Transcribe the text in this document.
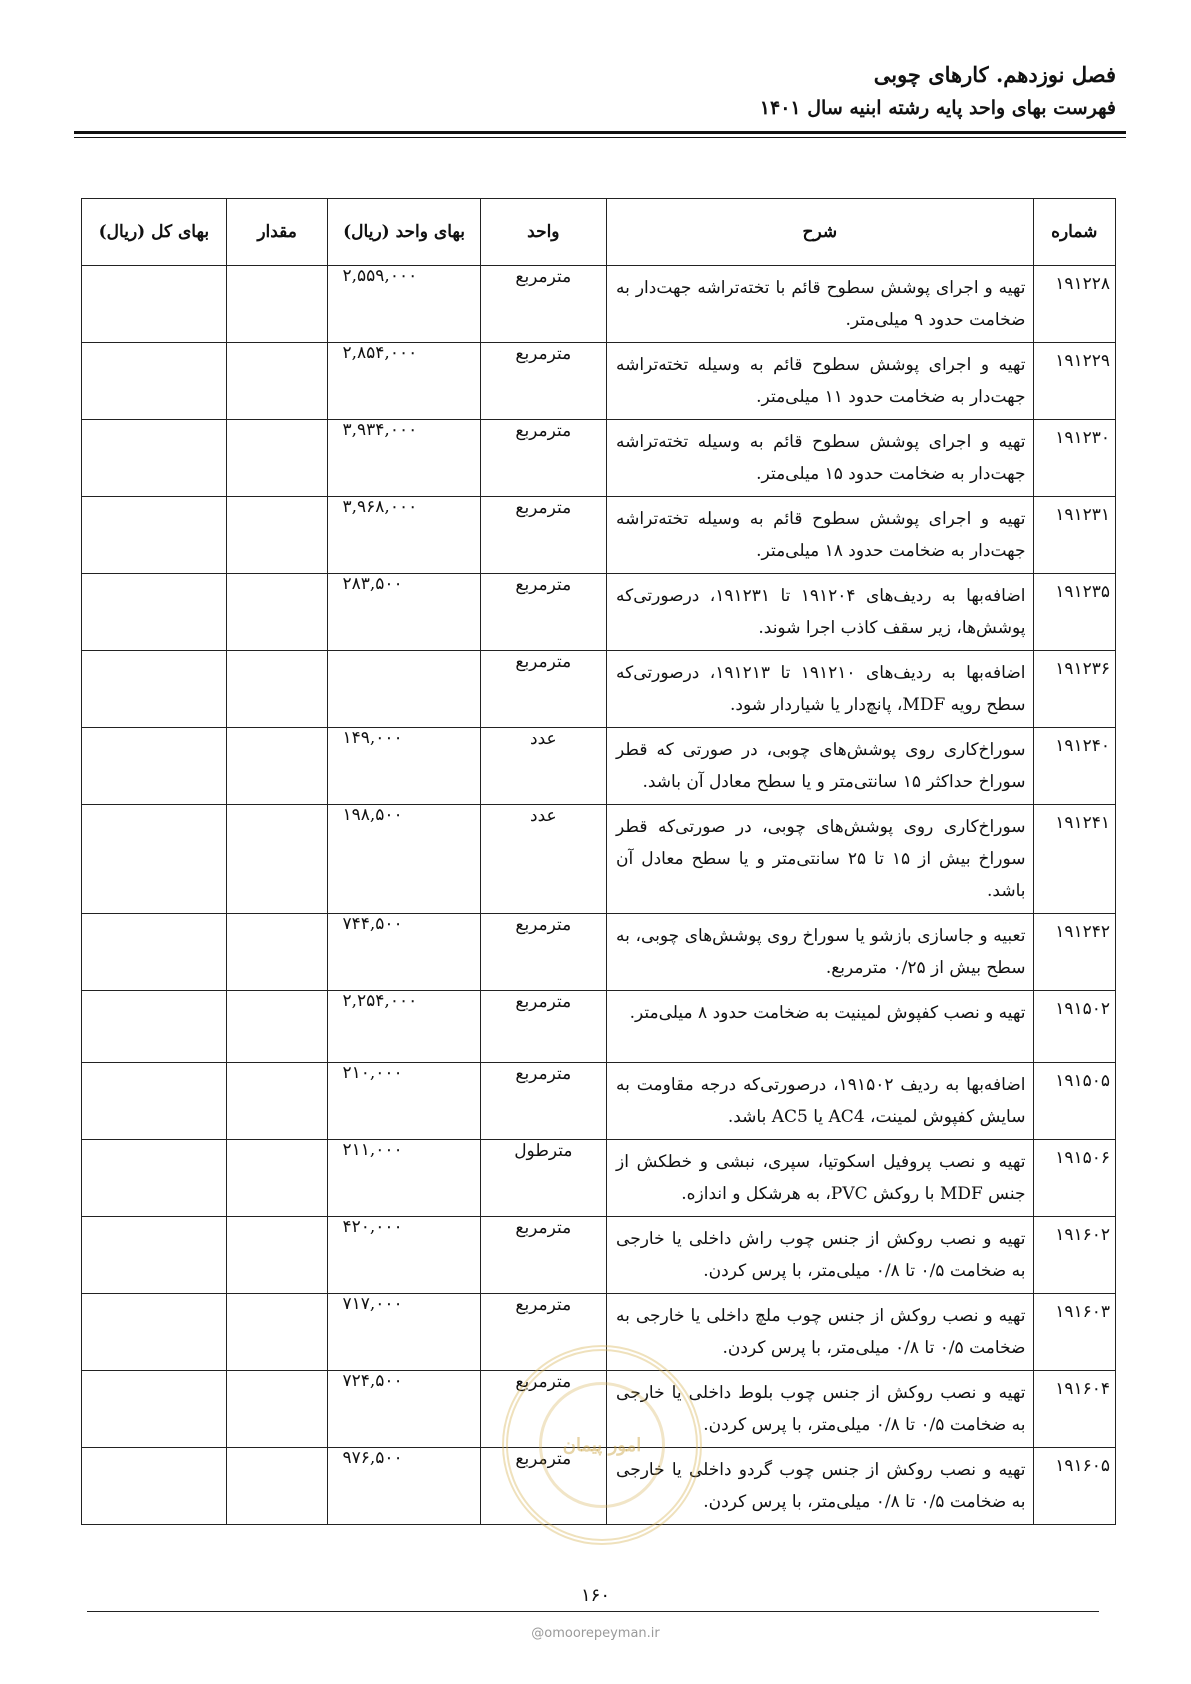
فصل نوزدهم. کارهای چوبی
فهرست بهای واحد پایه رشته ابنیه سال ۱۴۰۱
شماره	شرح	واحد	بهای واحد (ریال)	مقدار	بهای کل (ریال)
۱۹۱۲۲۸	تهیه و اجرای پوشش سطوح قائم با تخته‌تراشه جهت‌دار به ضخامت حدود ۹ میلی‌متر.	مترمربع	۲,۵۵۹,۰۰۰		
۱۹۱۲۲۹	تهیه و اجرای پوشش سطوح قائم به وسیله تخته‌تراشه جهت‌دار به ضخامت حدود ۱۱ میلی‌متر.	مترمربع	۲,۸۵۴,۰۰۰		
۱۹۱۲۳۰	تهیه و اجرای پوشش سطوح قائم به وسیله تخته‌تراشه جهت‌دار به ضخامت حدود ۱۵ میلی‌متر.	مترمربع	۳,۹۳۴,۰۰۰		
۱۹۱۲۳۱	تهیه و اجرای پوشش سطوح قائم به وسیله تخته‌تراشه جهت‌دار به ضخامت حدود ۱۸ میلی‌متر.	مترمربع	۳,۹۶۸,۰۰۰		
۱۹۱۲۳۵	اضافه‌بها به ردیف‌های ۱۹۱۲۰۴ تا ۱۹۱۲۳۱، درصورتی‌که پوشش‌ها، زیر سقف کاذب اجرا شوند.	مترمربع	۲۸۳,۵۰۰		
۱۹۱۲۳۶	اضافه‌بها به ردیف‌های ۱۹۱۲۱۰ تا ۱۹۱۲۱۳، درصورتی‌که سطح رویه MDF، پانچ‌دار یا شیاردار شود.	مترمربع			
۱۹۱۲۴۰	سوراخ‌کاری روی پوشش‌های چوبی، در صورتی که قطر سوراخ حداکثر ۱۵ سانتی‌متر و یا سطح معادل آن باشد.	عدد	۱۴۹,۰۰۰		
۱۹۱۲۴۱	سوراخ‌کاری روی پوشش‌های چوبی، در صورتی‌که قطر سوراخ بیش از ۱۵ تا ۲۵ سانتی‌متر و یا سطح معادل آن باشد.	عدد	۱۹۸,۵۰۰		
۱۹۱۲۴۲	تعبیه و جاسازی بازشو یا سوراخ روی پوشش‌های چوبی، به سطح بیش از ۰/۲۵ مترمربع.	مترمربع	۷۴۴,۵۰۰		
۱۹۱۵۰۲	تهیه و نصب کفپوش لمینیت به ضخامت حدود ۸ میلی‌متر.	مترمربع	۲,۲۵۴,۰۰۰		
۱۹۱۵۰۵	اضافه‌بها به ردیف ۱۹۱۵۰۲، درصورتی‌که درجه مقاومت به سایش کفپوش لمینت، AC4 یا AC5 باشد.	مترمربع	۲۱۰,۰۰۰		
۱۹۱۵۰۶	تهیه و نصب پروفیل اسکوتیا، سپری، نبشی و خطکش از جنس MDF با روکش PVC، به هرشکل و اندازه.	مترطول	۲۱۱,۰۰۰		
۱۹۱۶۰۲	تهیه و نصب روکش از جنس چوب راش داخلی یا خارجی به ضخامت ۰/۵ تا ۰/۸ میلی‌متر، با پرس کردن.	مترمربع	۴۲۰,۰۰۰		
۱۹۱۶۰۳	تهیه و نصب روکش از جنس چوب ملچ داخلی یا خارجی به ضخامت ۰/۵ تا ۰/۸ میلی‌متر، با پرس کردن.	مترمربع	۷۱۷,۰۰۰		
۱۹۱۶۰۴	تهیه و نصب روکش از جنس چوب بلوط داخلی یا خارجی به ضخامت ۰/۵ تا ۰/۸ میلی‌متر، با پرس کردن.	مترمربع	۷۲۴,۵۰۰		
۱۹۱۶۰۵	تهیه و نصب روکش از جنس چوب گردو داخلی یا خارجی به ضخامت ۰/۵ تا ۰/۸ میلی‌متر، با پرس کردن.	مترمربع	۹۷۶,۵۰۰		
امور پیمان
۱۶۰
@omoorepeyman.ir
